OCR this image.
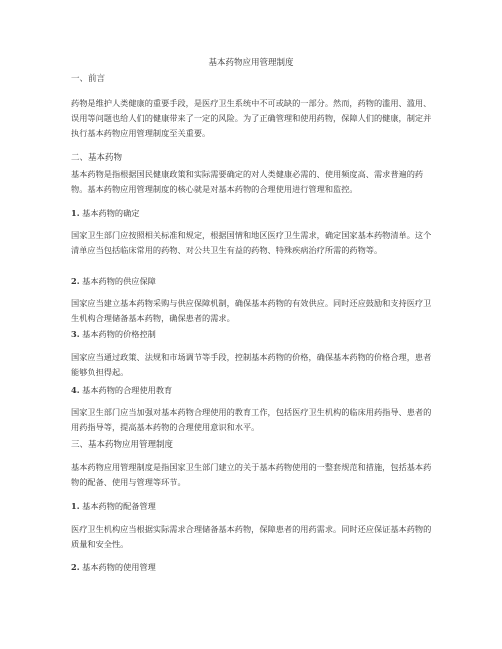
基本药物应用管理制度
一、前言

药物是维护人类健康的重要手段，是医疗卫生系统中不可或缺的一部分。然而，药物的滥用、滥用、误用等问题也给人们的健康带来了一定的风险。为了正确管理和使用药物，保障人们的健康，制定并执行基本药物应用管理制度至关重要。

二、基本药物

基本药物是指根据国民健康政策和实际需要确定的对人类健康必需的、使用频度高、需求普遍的药物。基本药物应用管理制度的核心就是对基本药物的合理使用进行管理和监控。

1. 基本药物的确定

国家卫生部门应按照相关标准和规定，根据国情和地区医疗卫生需求，确定国家基本药物清单。这个清单应当包括临床常用的药物、对公共卫生有益的药物、特殊疾病治疗所需的药物等。

2. 基本药物的供应保障

国家应当建立基本药物采购与供应保障机制，确保基本药物的有效供应。同时还应鼓励和支持医疗卫生机构合理储备基本药物，确保患者的需求。

3. 基本药物的价格控制

国家应当通过政策、法规和市场调节等手段，控制基本药物的价格，确保基本药物的价格合理，患者能够负担得起。

4. 基本药物的合理使用教育

国家卫生部门应当加强对基本药物合理使用的教育工作，包括医疗卫生机构的临床用药指导、患者的用药指导等，提高基本药物的合理使用意识和水平。

三、基本药物应用管理制度

基本药物应用管理制度是指国家卫生部门建立的关于基本药物使用的一整套规范和措施，包括基本药物的配备、使用与管理等环节。

1. 基本药物的配备管理

医疗卫生机构应当根据实际需求合理储备基本药物，保障患者的用药需求。同时还应保证基本药物的质量和安全性。

2. 基本药物的使用管理
